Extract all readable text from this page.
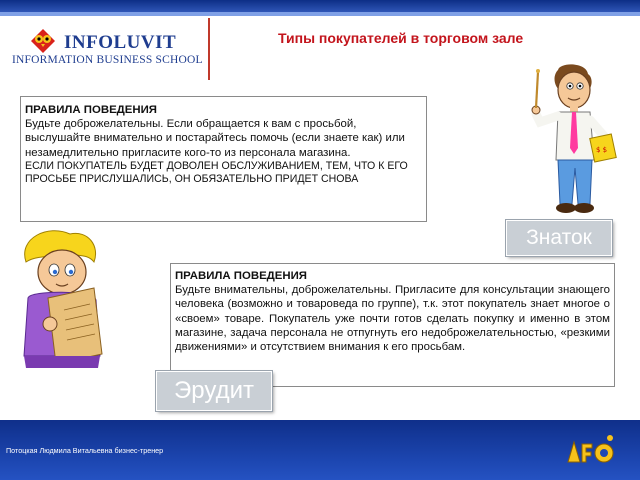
INFOLUVIT
INFORMATION BUSINESS SCHOOL
Типы покупателей в торговом зале
$ $
ПРАВИЛА ПОВЕДЕНИЯ

Будьте доброжелательны. Если обращается к вам с просьбой, выслушайте внимательно и постарайтесь помочь (если знаете как) или незамедлительно пригласите кого-то из персонала магазина.

ЕСЛИ ПОКУПАТЕЛЬ БУДЕТ ДОВОЛЕН ОБСЛУЖИВАНИЕМ, ТЕМ, ЧТО К ЕГО ПРОСЬБЕ ПРИСЛУШАЛИСЬ, ОН ОБЯЗАТЕЛЬНО ПРИДЕТ СНОВА

Знаток
ПРАВИЛА ПОВЕДЕНИЯ

Будьте внимательны, доброжелательны. Пригласите для консультации знающего человека (возможно и товароведа по группе), т.к. этот покупатель знает многое о «своем» товаре. Покупатель уже почти готов сделать покупку и именно в этом магазине, задача персонала не отпугнуть его недоброжелательностью, «резкими движениями» и отсутствием внимания к его просьбам.

Эрудит
Потоцкая Людмила Витальевна бизнес-тренер
